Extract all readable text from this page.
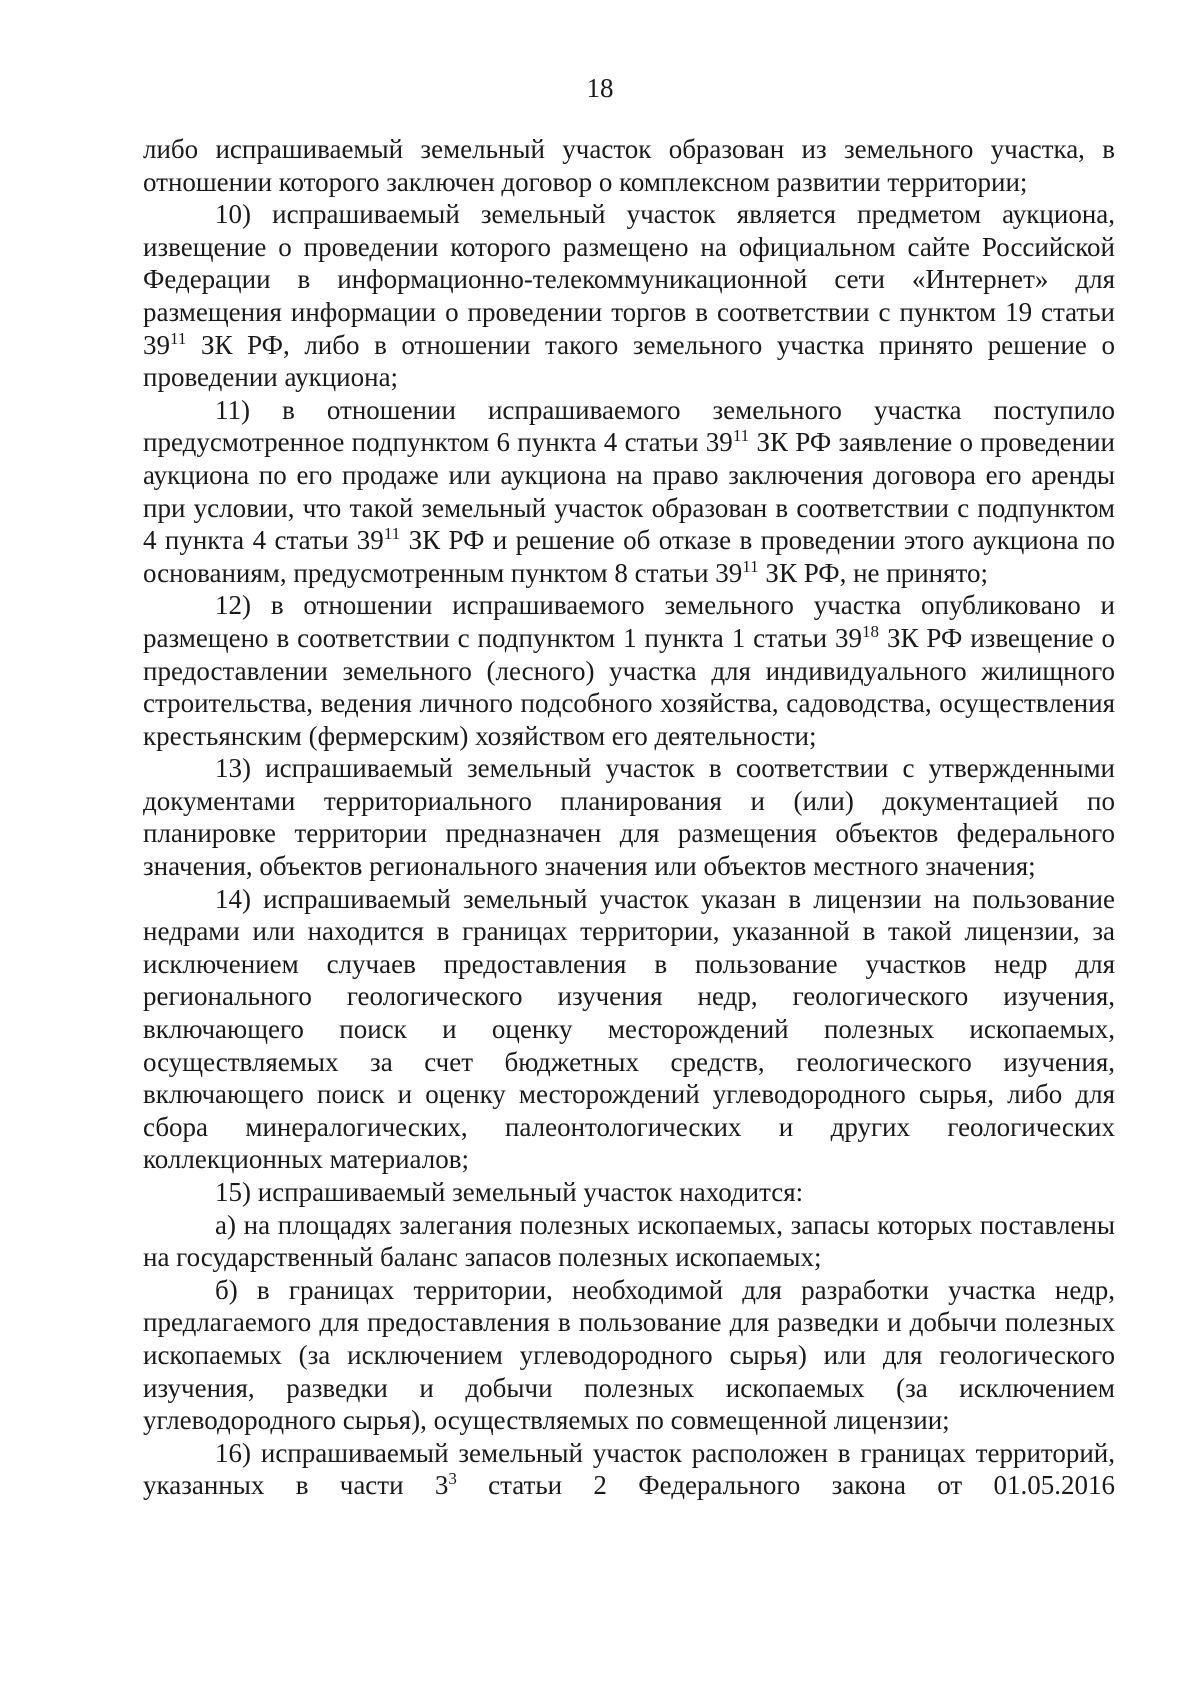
18

либо испрашиваемый земельный участок образован из земельного участка, в отношении которого заключен договор о комплексном развитии территории;

10) испрашиваемый земельный участок является предметом аукциона, извещение о проведении которого размещено на официальном сайте Российской Федерации в информационно-телекоммуникационной сети «Интернет» для размещения информации о проведении торгов в соответствии с пунктом 19 статьи $39^{11}$ ЗК РФ, либо в отношении такого земельного участка принято решение о проведении аукциона;

11) в отношении испрашиваемого земельного участка поступило предусмотренное подпунктом 6 пункта 4 статьи $39^{11}$ ЗК РФ заявление о проведении аукциона по его продаже или аукциона на право заключения договора его аренды при условии, что такой земельный участок образован в соответствии с подпунктом 4 пункта 4 статьи $39^{11}$ ЗК РФ и решение об отказе в проведении этого аукциона по основаниям, предусмотренным пунктом 8 статьи $39^{11}$ ЗК РФ, не принято;

12) в отношении испрашиваемого земельного участка опубликовано и размещено в соответствии с подпунктом 1 пункта 1 статьи $39^{18}$ ЗК РФ извещение о предоставлении земельного (лесного) участка для индивидуального жилищного строительства, ведения личного подсобного хозяйства, садоводства, осуществления крестьянским (фермерским) хозяйством его деятельности;

13) испрашиваемый земельный участок в соответствии с утвержденными документами территориального планирования и (или) документацией по планировке территории предназначен для размещения объектов федерального значения, объектов регионального значения или объектов местного значения;

14) испрашиваемый земельный участок указан в лицензии на пользование недрами или находится в границах территории, указанной в такой лицензии, за исключением случаев предоставления в пользование участков недр для регионального геологического изучения недр, геологического изучения, включающего поиск и оценку месторождений полезных ископаемых, осуществляемых за счет бюджетных средств, геологического изучения, включающего поиск и оценку месторождений углеводородного сырья, либо для сбора минералогических, палеонтологических и других геологических коллекционных материалов;

15) испрашиваемый земельный участок находится:

а) на площадях залегания полезных ископаемых, запасы которых поставлены на государственный баланс запасов полезных ископаемых;

б) в границах территории, необходимой для разработки участка недр, предлагаемого для предоставления в пользование для разведки и добычи полезных ископаемых (за исключением углеводородного сырья) или для геологического изучения, разведки и добычи полезных ископаемых (за исключением углеводородного сырья), осуществляемых по совмещенной лицензии;

16) испрашиваемый земельный участок расположен в границах территорий, указанных в части $3^3$ статьи 2 Федерального закона от 01.05.2016
